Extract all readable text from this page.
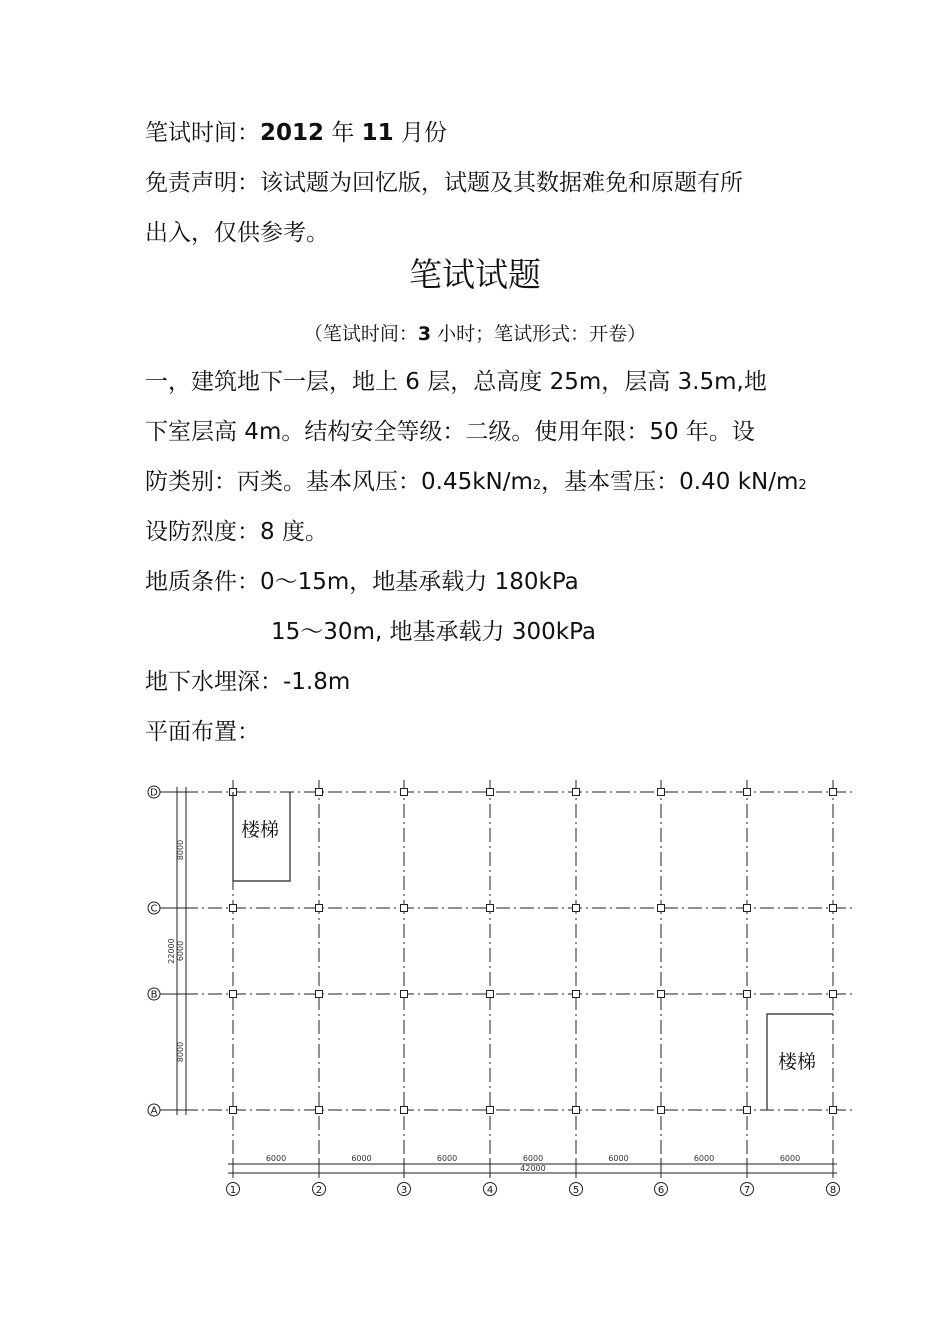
笔试时间：2012 年 11 月份
免责声明：该试题为回忆版，试题及其数据难免和原题有所
出入，仅供参考。
笔试试题
（笔试时间：3 小时；笔试形式：开卷）
一，建筑地下一层，地上 6 层，总高度 25m，层高 3.5m,地
下室层高 4m。结构安全等级：二级。使用年限：50 年。设
防类别：丙类。基本风压：0.45kN/m2，基本雪压：0.40 kN/m2
设防烈度：8 度。
地质条件：0～15m，地基承载力 180kPa
15～30m, 地基承载力 300kPa
地下水埋深：-1.8m
平面布置：
楼梯
楼梯
A
B
C
D
1	2	3	4	5	6	7	8
8000
6000
8000
22000
6000	6000	6000	6000	6000	6000	6000
42000
